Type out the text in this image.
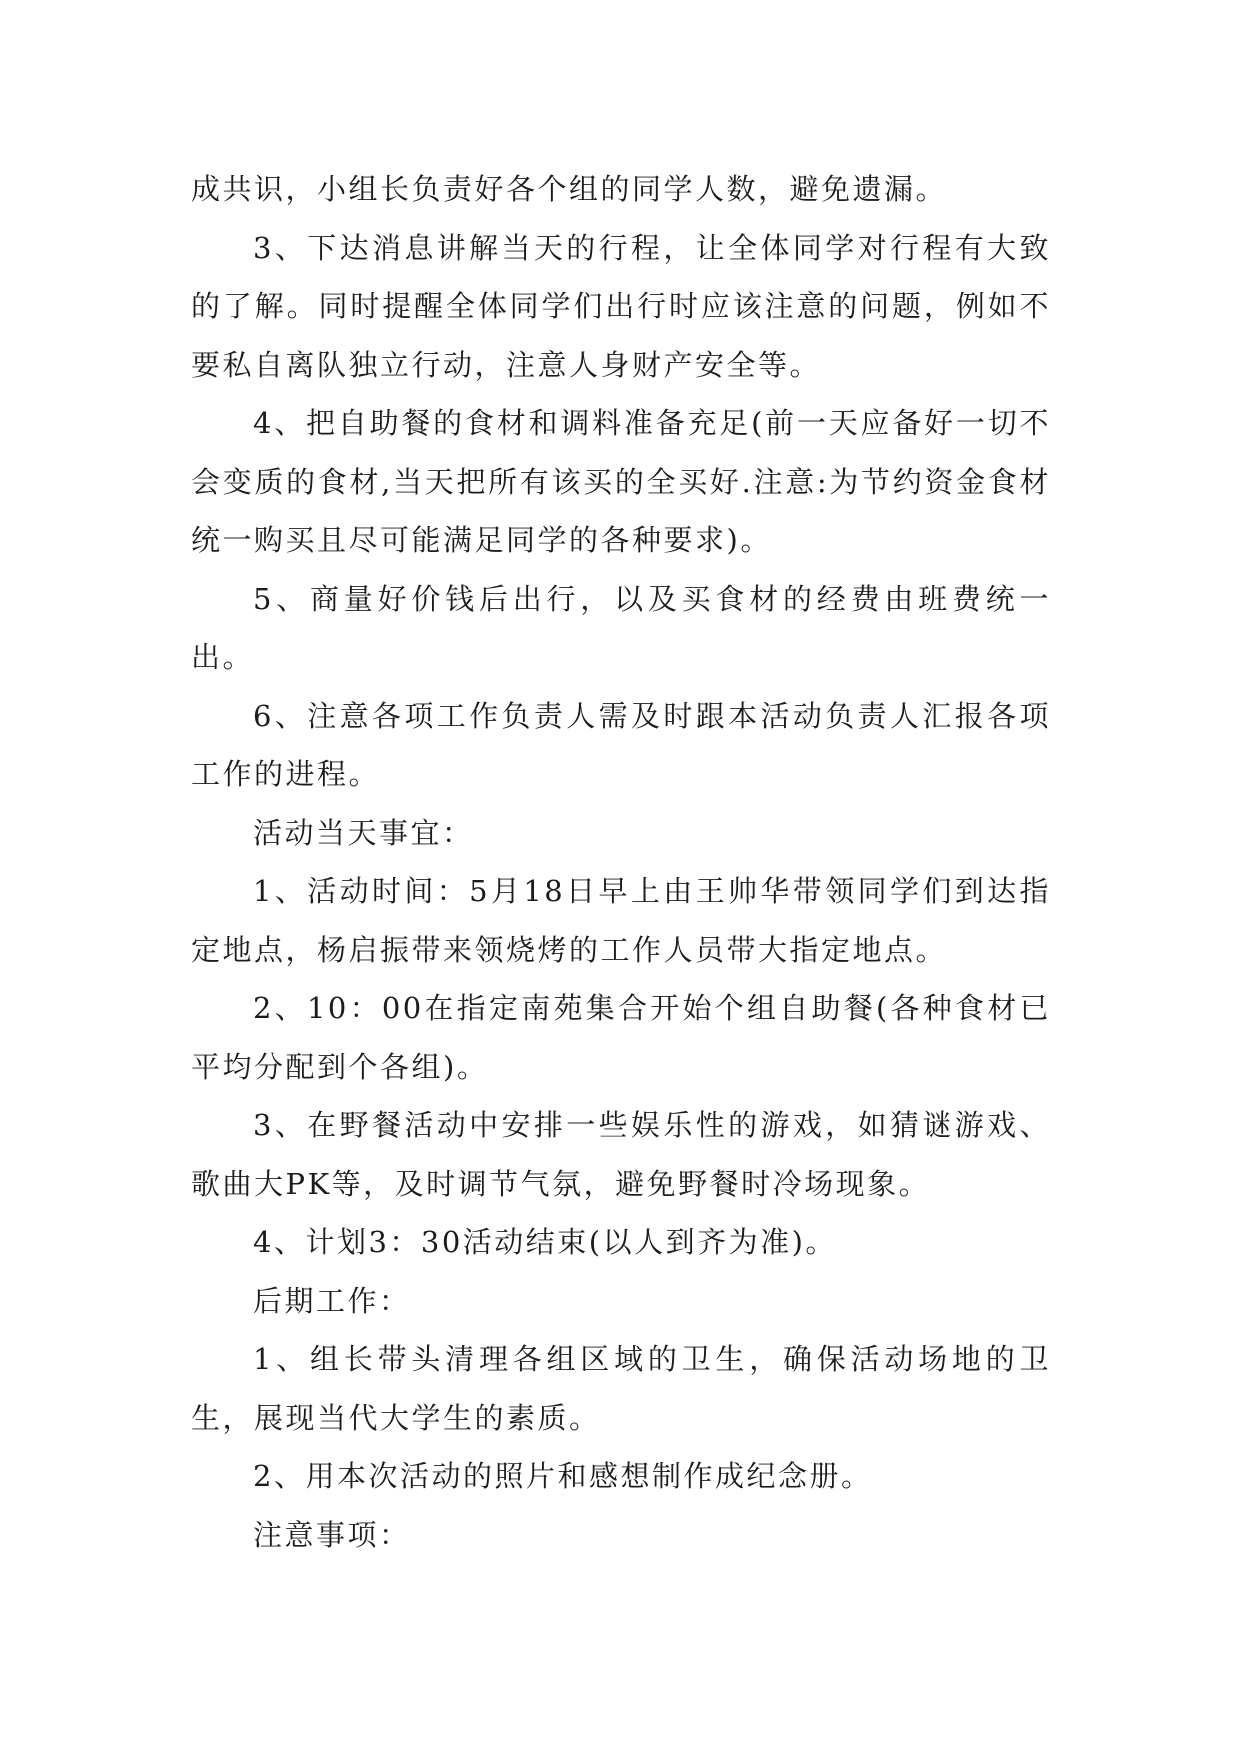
成共识，小组长负责好各个组的同学人数，避免遗漏。

3、下达消息讲解当天的行程，让全体同学对行程有大致的了解。同时提醒全体同学们出行时应该注意的问题，例如不要私自离队独立行动，注意人身财产安全等。

4、把自助餐的食材和调料准备充足(前一天应备好一切不会变质的食材,当天把所有该买的全买好.注意:为节约资金食材统一购买且尽可能满足同学的各种要求)。

5、商量好价钱后出行，以及买食材的经费由班费统一出。

6、注意各项工作负责人需及时跟本活动负责人汇报各项工作的进程。

活动当天事宜：

1、活动时间：5月18日早上由王帅华带领同学们到达指定地点，杨启振带来领烧烤的工作人员带大指定地点。

2、10：00在指定南苑集合开始个组自助餐(各种食材已平均分配到个各组)。

3、在野餐活动中安排一些娱乐性的游戏，如猜谜游戏、歌曲大PK等，及时调节气氛，避免野餐时冷场现象。

4、计划3：30活动结束(以人到齐为准)。

后期工作：

1、组长带头清理各组区域的卫生，确保活动场地的卫生，展现当代大学生的素质。

2、用本次活动的照片和感想制作成纪念册。

注意事项：
